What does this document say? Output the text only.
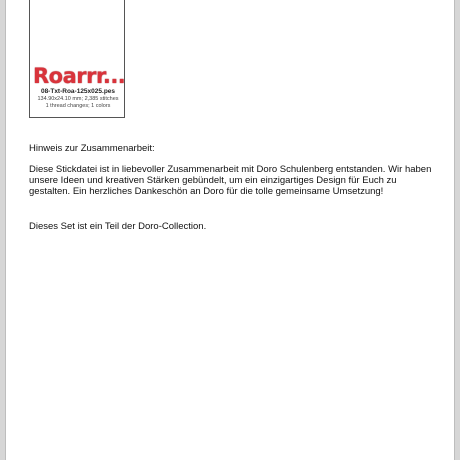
Roarrr...
08-Txt-Roa-125x025.pes
134.90x24.10 mm; 2,385 stitches
1 thread changes; 1 colors
Hinweis zur Zusammenarbeit:
Diese Stickdatei ist in liebevoller Zusammenarbeit mit Doro Schulenberg entstanden. Wir haben unsere Ideen und kreativen Stärken gebündelt, um ein einzigartiges Design für Euch zu gestalten. Ein herzliches Dankeschön an Doro für die tolle gemeinsame Umsetzung!
Dieses Set ist ein Teil der Doro-Collection.
